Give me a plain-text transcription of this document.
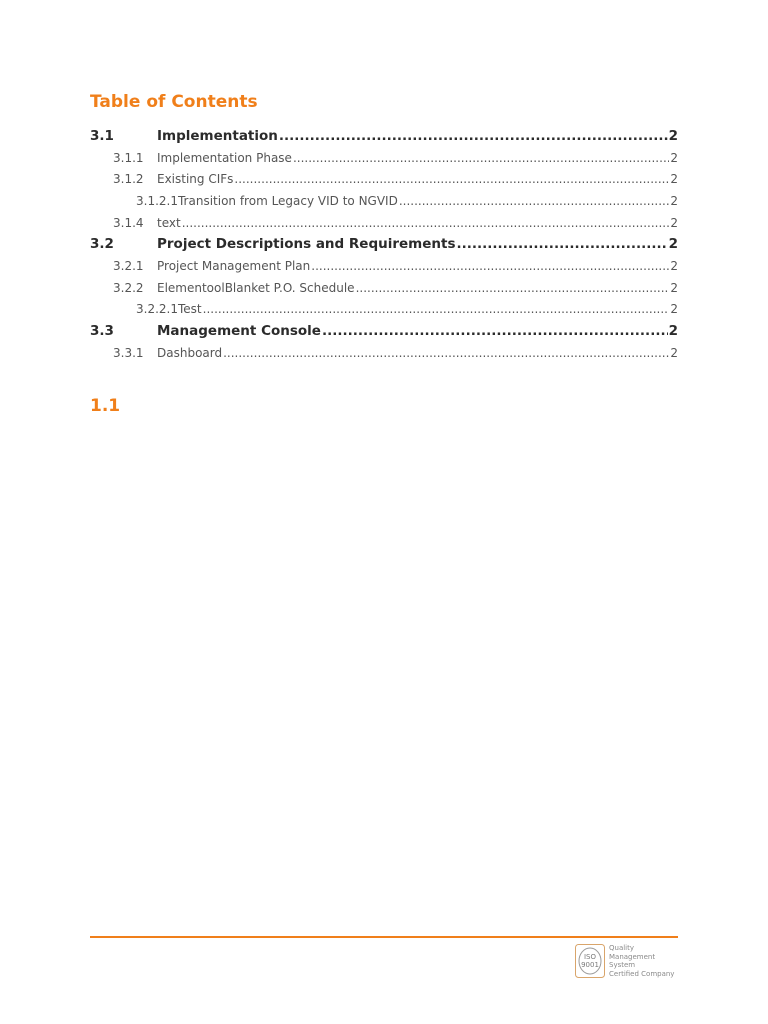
Table of Contents
3.1	Implementation .....	2
3.1.1	Implementation Phase .....	2
3.1.2	Existing CIFs .....	2
3.1.2.1 Transition from Legacy VID to NGVID .....	2
3.1.4	text .....	2
3.2	Project Descriptions and Requirements .....	2
3.2.1	Project Management Plan .....	2
3.2.2	ElementoolBlanket P.O. Schedule .....	2
3.2.2.1 Test .....	2
3.3	Management Console .....	2
3.3.1	Dashboard .....	2
1.1
ISO
9001
Quality
Management
System
Certified Company
